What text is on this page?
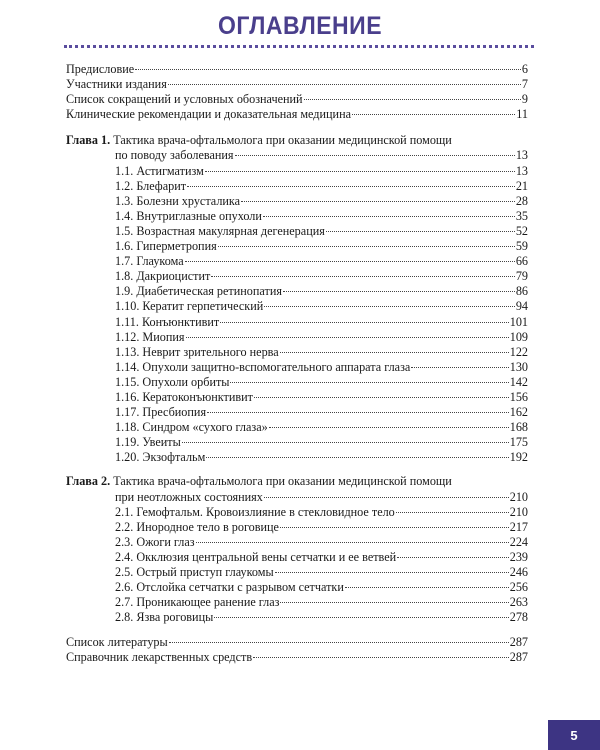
ОГЛАВЛЕНИЕ
Предисловие	6
Участники издания	7
Список сокращений и условных обозначений	9
Клинические рекомендации и доказательная медицина	11
Глава 1. Тактика врача-офтальмолога при оказании медицинской помощи
по поводу заболевания	13
1.1. Астигматизм	13
1.2. Блефарит	21
1.3. Болезни хрусталика	28
1.4. Внутриглазные опухоли	35
1.5. Возрастная макулярная дегенерация	52
1.6. Гиперметропия	59
1.7. Глаукома	66
1.8. Дакриоцистит	79
1.9. Диабетическая ретинопатия	86
1.10. Кератит герпетический	94
1.11. Конъюнктивит	101
1.12. Миопия	109
1.13. Неврит зрительного нерва	122
1.14. Опухоли защитно-вспомогательного аппарата глаза	130
1.15. Опухоли орбиты	142
1.16. Кератоконъюнктивит	156
1.17. Пресбиопия	162
1.18. Синдром «сухого глаза»	168
1.19. Увеиты	175
1.20. Экзофтальм	192
Глава 2. Тактика врача-офтальмолога при оказании медицинской помощи
при неотложных состояниях	210
2.1. Гемофтальм. Кровоизлияние в стекловидное тело	210
2.2. Инородное тело в роговице	217
2.3. Ожоги глаз	224
2.4. Окклюзия центральной вены сетчатки и ее ветвей	239
2.5. Острый приступ глаукомы	246
2.6. Отслойка сетчатки с разрывом сетчатки	256
2.7. Проникающее ранение глаз	263
2.8. Язва роговицы	278
Список литературы	287
Справочник лекарственных средств	287
5
